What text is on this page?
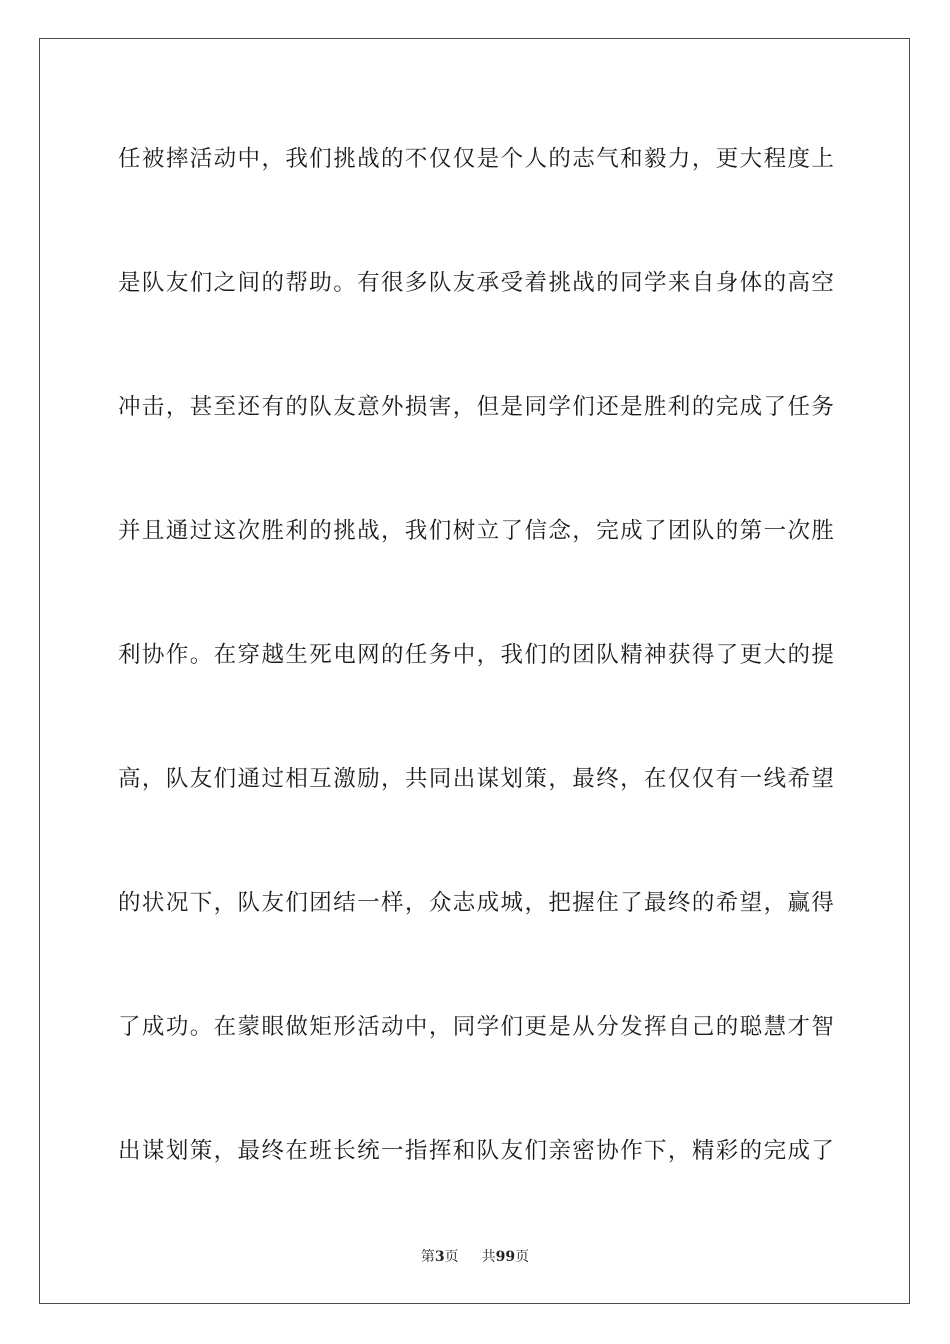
任被摔活动中，我们挑战的不仅仅是个人的志气和毅力，更大程度上
是队友们之间的帮助。有很多队友承受着挑战的同学来自身体的高空
冲击，甚至还有的队友意外损害，但是同学们还是胜利的完成了任务
并且通过这次胜利的挑战，我们树立了信念，完成了团队的第一次胜
利协作。在穿越生死电网的任务中，我们的团队精神获得了更大的提
高，队友们通过相互激励，共同出谋划策，最终，在仅仅有一线希望
的状况下，队友们团结一样，众志成城，把握住了最终的希望，赢得
了成功。在蒙眼做矩形活动中，同学们更是从分发挥自己的聪慧才智
出谋划策，最终在班长统一指挥和队友们亲密协作下，精彩的完成了
第3页 共99页
